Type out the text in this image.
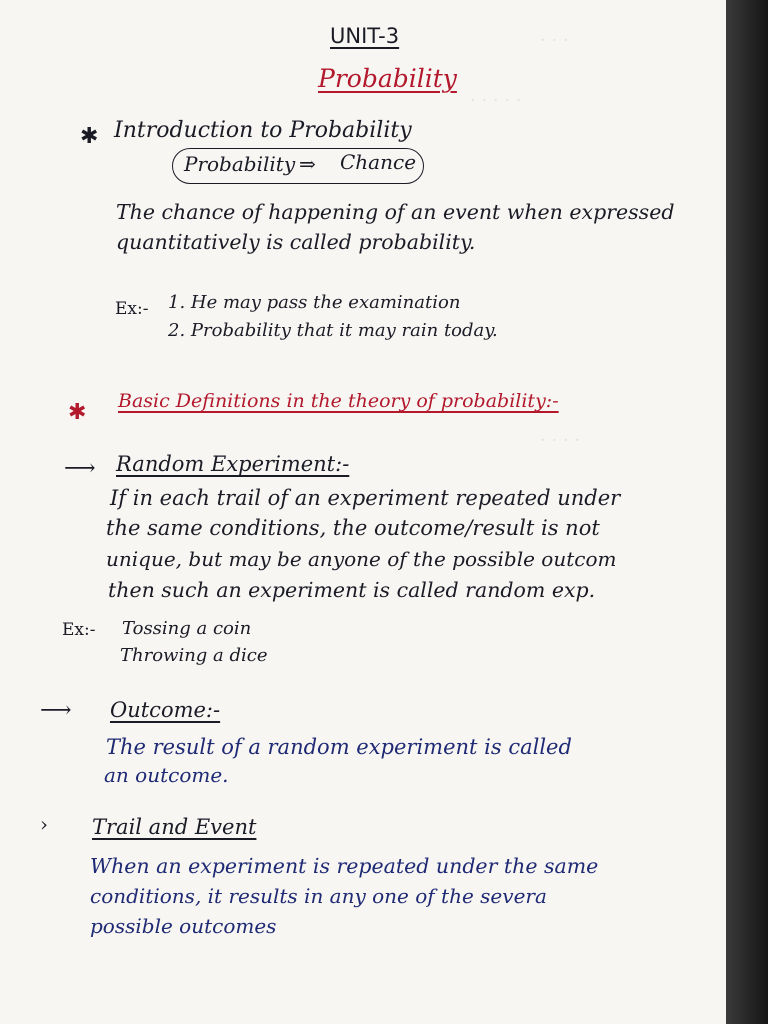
· · ·
· · · · ·
· · · ·
UNIT-3
Probability
✱ Introduction to Probability
Probability ⇒ Chance
The chance of happening of an event when expressed
quantitatively is called probability.
Ex:- 1. He may pass the examination
2. Probability that it may rain today.
✱ Basic Definitions in the theory of probability:-
⟶ Random Experiment:-
If in each trail of an experiment repeated under
the same conditions, the outcome/result is not
unique, but may be anyone of the possible outcom
then such an experiment is called random exp.
Ex:- Tossing a coin
Throwing a dice
⟶ Outcome:-
The result of a random experiment is called
an outcome.
› Trail and Event
When an experiment is repeated under the same
conditions, it results in any one of the severa
possible outcomes
